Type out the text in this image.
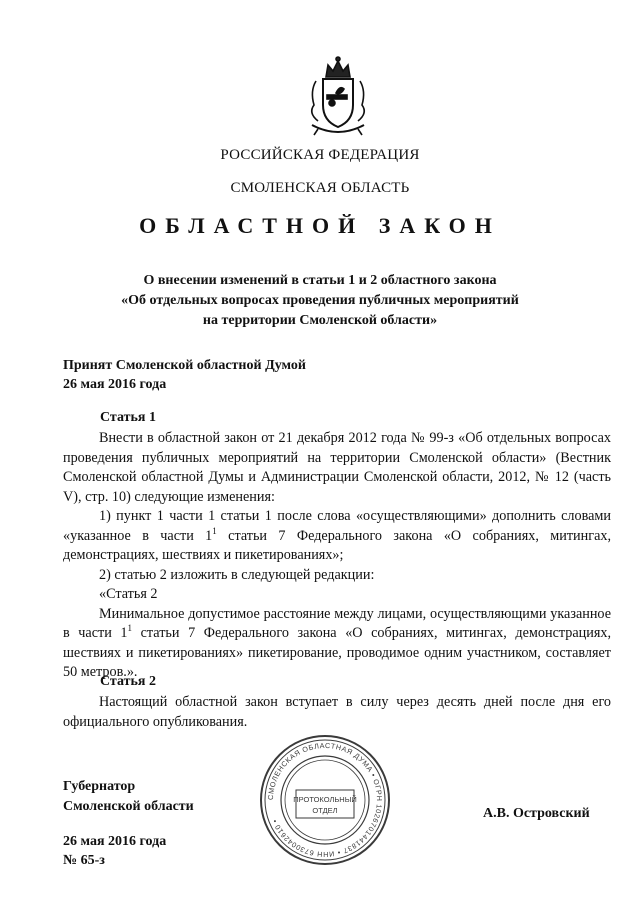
РОССИЙСКАЯ ФЕДЕРАЦИЯ
СМОЛЕНСКАЯ ОБЛАСТЬ
ОБЛАСТНОЙ ЗАКОН
О внесении изменений в статьи 1 и 2 областного закона
«Об отдельных вопросах проведения публичных мероприятий
на территории Смоленской области»
Принят Смоленской областной Думой
26 мая 2016 года
Статья 1

Внести в областной закон от 21 декабря 2012 года № 99-з «Об отдельных вопросах проведения публичных мероприятий на территории Смоленской области» (Вестник Смоленской областной Думы и Администрации Смоленской области, 2012, № 12 (часть V), стр. 10) следующие изменения:

1) пункт 1 части 1 статьи 1 после слова «осуществляющими» дополнить словами «указанное в части $1^1$ статьи 7 Федерального закона «О собраниях, митингах, демонстрациях, шествиях и пикетированиях»;

2) статью 2 изложить в следующей редакции:

«Статья 2

Минимальное допустимое расстояние между лицами, осуществляющими указанное в части $1^1$ статьи 7 Федерального закона «О собраниях, митингах, демонстрациях, шествиях и пикетированиях» пикетирование, проводимое одним участником, составляет 50 метров.».

Статья 2

Настоящий областной закон вступает в силу через десять дней после дня его официального опубликования.

СМОЛЕНСКАЯ ОБЛАСТНАЯ ДУМА • ОГРН 1026701441837 • ИНН 6730042610 •
ПРОТОКОЛЬНЫЙ
ОТДЕЛ
Губернатор
Смоленской области	А.В. Островский
26 мая 2016 года
№ 65-з
